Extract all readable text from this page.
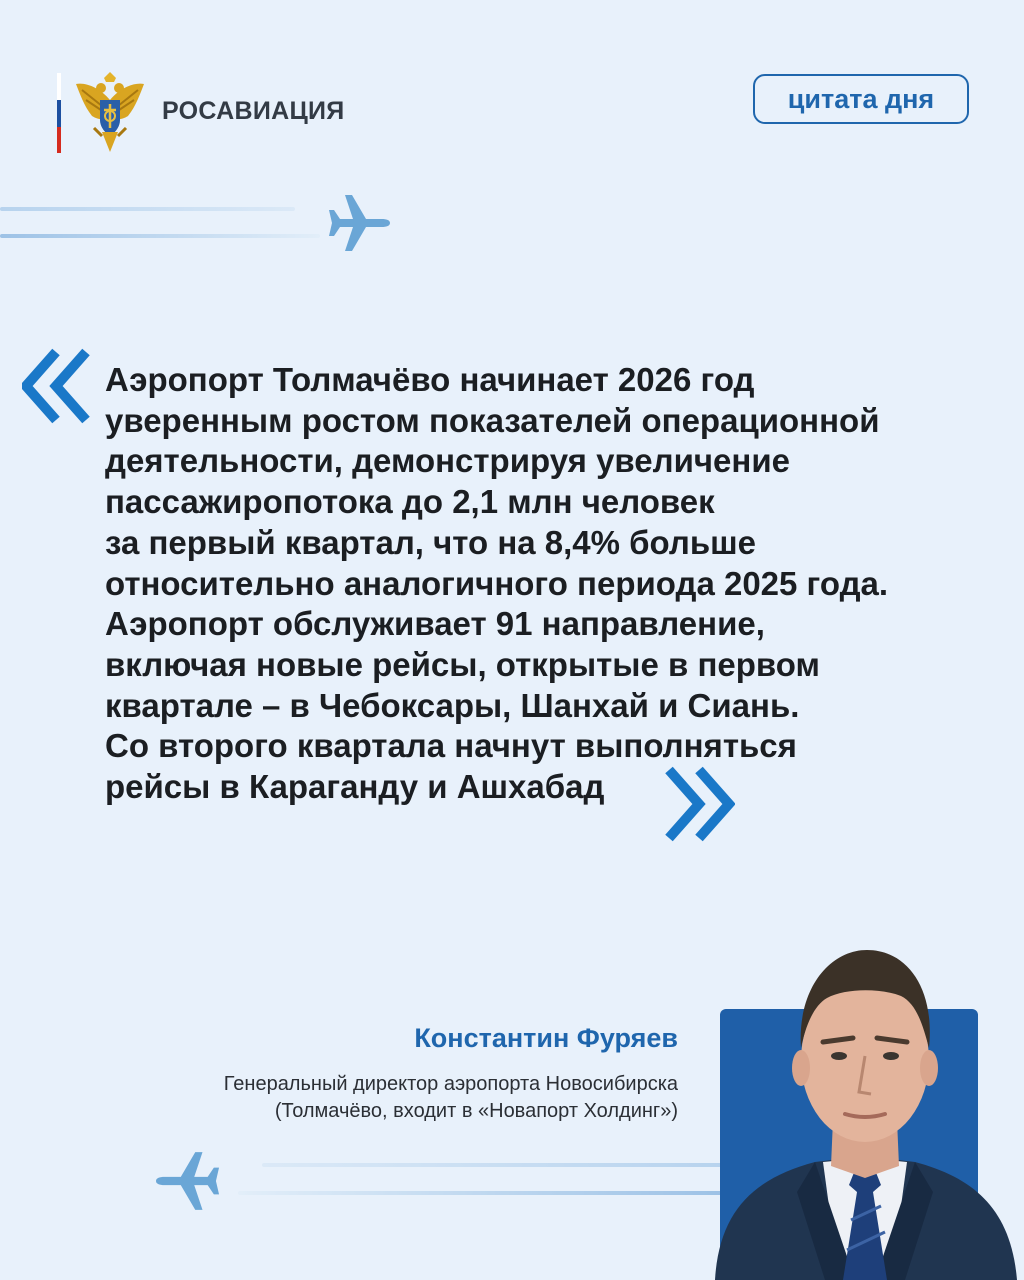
РОСАВИАЦИЯ	цитата дня

Аэропорт Толмачёво начинает 2026 год
уверенным ростом показателей операционной
деятельности, демонстрируя увеличение
пассажиропотока до 2,1 млн человек
за первый квартал, что на 8,4% больше
относительно аналогичного периода 2025 года.
Аэропорт обслуживает 91 направление,
включая новые рейсы, открытые в первом
квартале – в Чебоксары, Шанхай и Сиань.
Со второго квартала начнут выполняться
рейсы в Караганду и Ашхабад

Константин Фуряев
Генеральный директор аэропорта Новосибирска
(Толмачёво, входит в «Новапорт Холдинг»)
